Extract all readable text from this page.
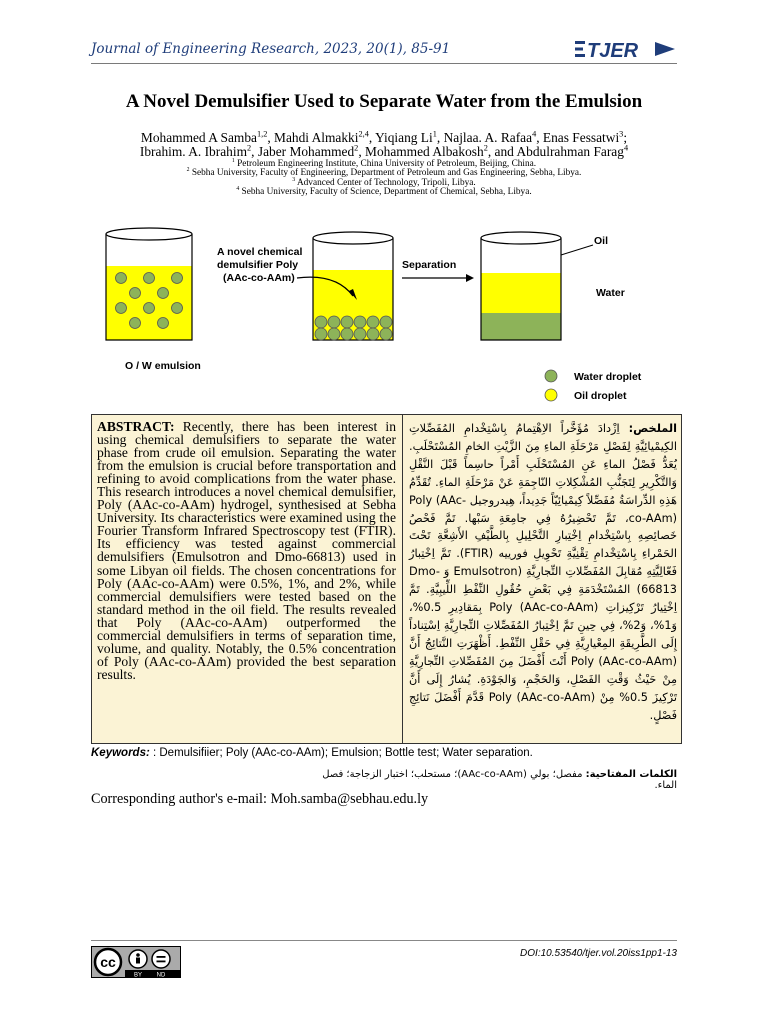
Journal of Engineering Research, 2023, 20(1), 85-91	TJER
A Novel Demulsifier Used to Separate Water from the Emulsion
Mohammed A Samba$^{1,2}$, Mahdi Almakki$^{2,4}$, Yiqiang Li$^1$, Najlaa. A. Rafaa$^4$, Enas Fessatwi$^3$;
Ibrahim. A. Ibrahim$^2$, Jaber Mohammed$^2$, Mohammed Albakosh$^2$, and Abdulrahman Farag$^4$
$^1$ Petroleum Engineering Institute, China University of Petroleum, Beijing, China.
$^2$ Sebha University, Faculty of Engineering, Department of Petroleum and Gas Engineering, Sebha, Libya.
$^3$ Advanced Center of Technology, Tripoli, Libya.
$^4$ Sebha University, Faculty of Science, Department of Chemical, Sebha, Libya.
A novel chemical
demulsifier Poly
(AAc-co-AAm)
Separation
Oil
Water
O / W emulsion
Water droplet
Oil droplet
ABSTRACT: Recently, there has been interest in using chemical demulsifiers to separate the water phase from crude oil emulsion. Separating the water from the emulsion is crucial before transportation and refining to avoid complications from the water phase. This research introduces a novel chemical demulsifier, Poly (AAc-co-AAm) hydrogel, synthesised at Sebha University. Its characteristics were examined using the Fourier Transform Infrared Spectroscopy test (FTIR). Its efficiency was tested against commercial demulsifiers (Emulsotron and Dmo-66813) used in some Libyan oil fields. The chosen concentrations for Poly (AAc-co-AAm) were 0.5%, 1%, and 2%, while commercial demulsifiers were tested based on the standard method in the oil field. The results revealed that Poly (AAc-co-AAm) outperformed the commercial demulsifiers in terms of separation time, volume, and quality. Notably, the 0.5% concentration of Poly (AAc-co-AAm) provided the best separation results.
الملخص: اِزْدادَ مُؤَخَّراً الاِهْتِمامُ بِاسْتِخْدامِ المُفَصِّلاتِ الكِيمْيائِيَّةِ لِفَصْلِ مَرْحَلَةِ الماءِ مِنَ الزَّيْتِ الخامِ المُسْتَحْلَبِ. يُعَدُّ فَصْلُ الماءِ عَنِ المُسْتَحْلَبِ أَمْراً حاسِماً قَبْلَ النَّقْلِ وَالتَّكْرِيرِ لِتَجَنُّبِ المُشْكِلاتِ النّاجِمَةِ عَنْ مَرْحَلَةِ الماءِ. تُقَدِّمُ هَذِهِ الدِّراسَةُ مُفَصِّلاً كِيمْيائِيّاً جَدِيداً، هِيدروجيل Poly (AAc-co-AAm)، تَمَّ تَحْضِيرُهُ فِي جامِعَةِ سَبْها. تَمَّ فَحْصُ خَصائِصِهِ بِاسْتِخْدامِ اِخْتِبارِ التَّحْلِيلِ بِالطَّيْفِ الأَشِعَّةِ تَحْتَ الحَمْراءِ بِاسْتِخْدامِ تِقْنِيَّةِ تَحْوِيلِ فورييه (FTIR). تَمَّ اِخْتِبارُ فَعّالِيَّتِهِ مُقابِلَ المُفَصِّلاتِ التِّجارِيَّةِ (Emulsotron وَ Dmo-66813) المُسْتَخْدَمَةِ فِي بَعْضِ حُقُولِ النِّفْطِ اللِّيبِيَّةِ. تَمَّ اِخْتِيارُ تَرْكِيزاتِ Poly (AAc-co-AAm) بِمَقادِيرِ 0.5%، وَ1%، وَ2%، فِي حِينِ تَمَّ اِخْتِبارُ المُفَصِّلاتِ التِّجارِيَّةِ اِسْتِناداً إِلَى الطَّرِيقَةِ المِعْيارِيَّةِ فِي حَقْلِ النِّفْطِ. أَظْهَرَتِ النَّتائِجُ أَنَّ Poly (AAc-co-AAm) أَنْتَ أَفْضَلَ مِنَ المُفَصِّلاتِ التِّجارِيَّةِ مِنْ حَيْثُ وَقْتِ الفَصْلِ، وَالحَجْمِ، وَالجَوْدَةِ. يُشارُ إِلَى أَنَّ تَرْكِيزَ 0.5% مِنْ Poly (AAc-co-AAm) قَدَّمَ أَفْضَلَ نَتائِجِ فَصْلٍ.
Keywords: : Demulsifiier; Poly (AAc-co-AAm); Emulsion; Bottle test; Water separation.
الكلمات المفتاحية: مفصل؛ بولي (AAc-co-AAm)؛ مستحلب؛ اختبار الزجاجة؛ فصل الماء.
Corresponding author's e-mail: Moh.samba@sebhau.edu.ly
cc
BY ND
DOI:10.53540/tjer.vol.20iss1pp1-13
